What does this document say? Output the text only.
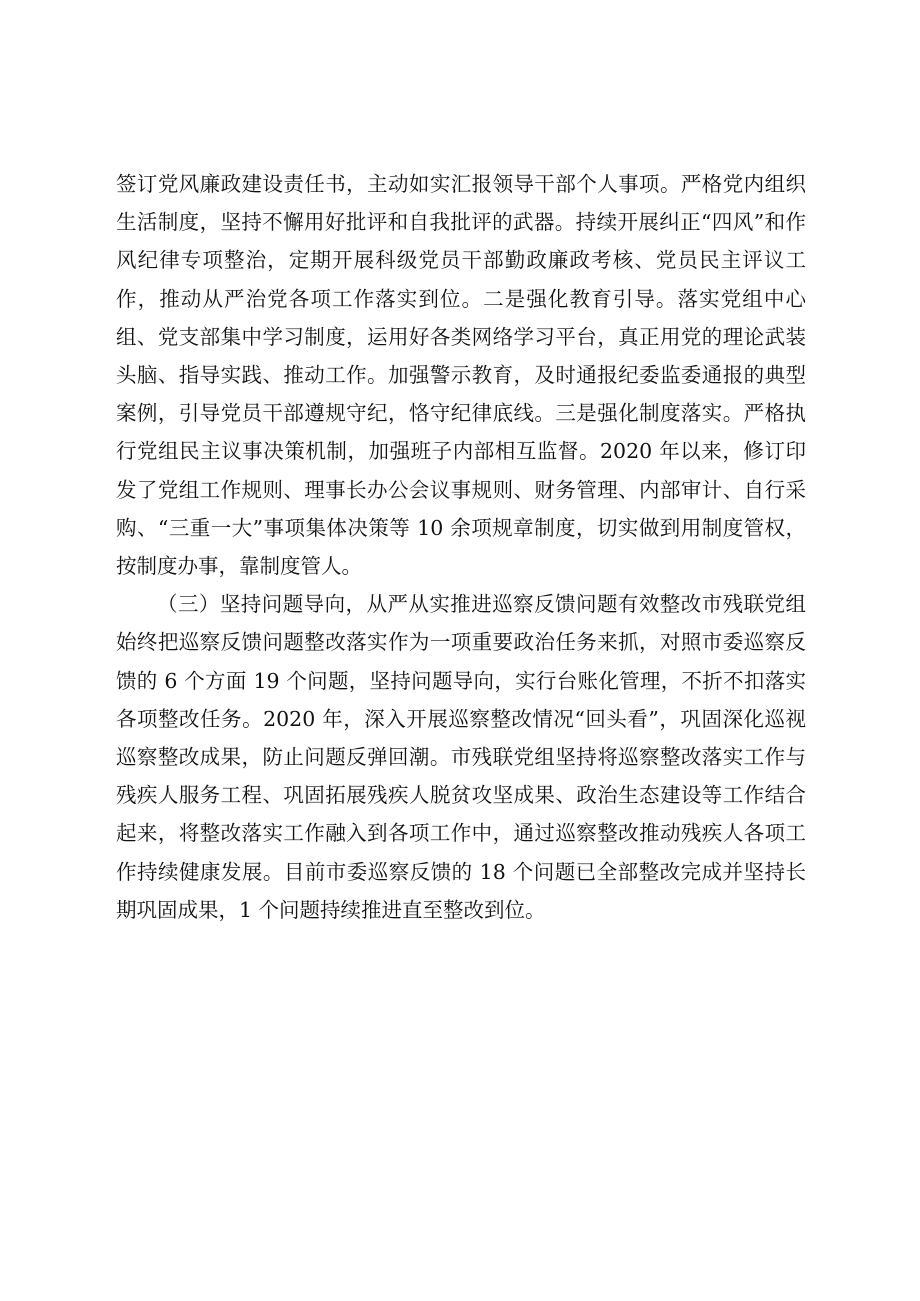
签订党风廉政建设责任书，主动如实汇报领导干部个人事项。严格党内组织生活制度，坚持不懈用好批评和自我批评的武器。持续开展纠正“四风”和作风纪律专项整治，定期开展科级党员干部勤政廉政考核、党员民主评议工作，推动从严治党各项工作落实到位。二是强化教育引导。落实党组中心组、党支部集中学习制度，运用好各类网络学习平台，真正用党的理论武装头脑、指导实践、推动工作。加强警示教育，及时通报纪委监委通报的典型案例，引导党员干部遵规守纪，恪守纪律底线。三是强化制度落实。严格执行党组民主议事决策机制，加强班子内部相互监督。2020 年以来，修订印发了党组工作规则、理事长办公会议事规则、财务管理、内部审计、自行采购、“三重一大”事项集体决策等 10 余项规章制度，切实做到用制度管权，按制度办事，靠制度管人。

（三）坚持问题导向，从严从实推进巡察反馈问题有效整改市残联党组始终把巡察反馈问题整改落实作为一项重要政治任务来抓，对照市委巡察反馈的 6 个方面 19 个问题，坚持问题导向，实行台账化管理，不折不扣落实各项整改任务。2020 年，深入开展巡察整改情况“回头看”，巩固深化巡视巡察整改成果，防止问题反弹回潮。市残联党组坚持将巡察整改落实工作与残疾人服务工程、巩固拓展残疾人脱贫攻坚成果、政治生态建设等工作结合起来，将整改落实工作融入到各项工作中，通过巡察整改推动残疾人各项工作持续健康发展。目前市委巡察反馈的 18 个问题已全部整改完成并坚持长期巩固成果，1 个问题持续推进直至整改到位。
